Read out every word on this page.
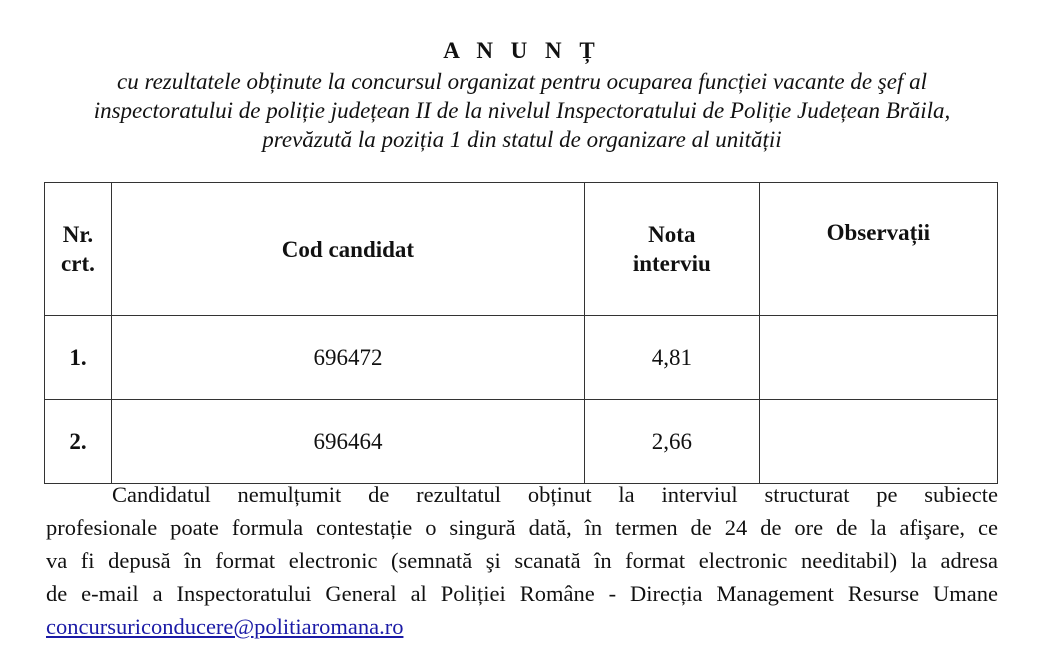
A N U N Ț
cu rezultatele obținute la concursul organizat pentru ocuparea funcției vacante de şef al
inspectoratului de poliție județean II de la nivelul Inspectoratului de Poliție Județean Brăila,
prevăzută la poziția 1 din statul de organizare al unității
Nr. crt.	Cod candidat	Nota interviu	Observații
1.	696472	4,81	
2.	696464	2,66	
Candidatul nemulțumit de rezultatul obținut la interviul structurat pe subiecte
profesionale poate formula contestație o singură dată, în termen de 24 de ore de la afişare, ce
va fi depusă în format electronic (semnată şi scanată în format electronic needitabil) la adresa
de e-mail a Inspectoratului General al Poliției Române - Direcția Management Resurse Umane
concursuriconducere@politiaromana.ro
